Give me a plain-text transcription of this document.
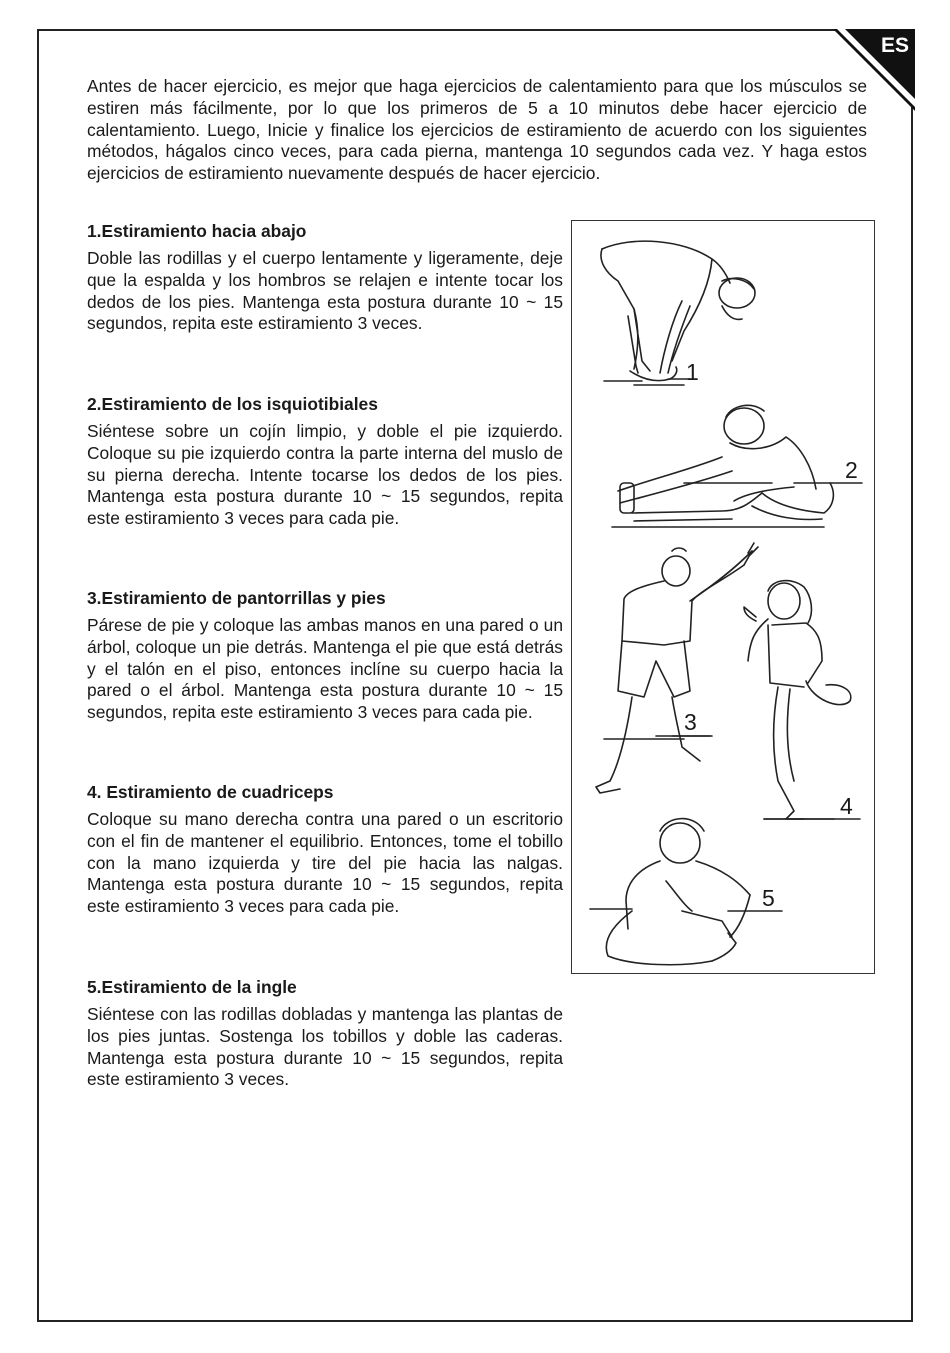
ES

Antes de hacer ejercicio, es mejor que haga ejercicios de calentamiento para que los músculos se estiren más fácilmente, por lo que los primeros de 5 a 10 minutos debe hacer ejercicio de calentamiento. Luego, Inicie y finalice los ejercicios de estiramiento de acuerdo con los siguientes métodos, hágalos cinco veces, para cada pierna, mantenga 10 segundos cada vez. Y haga estos ejercicios de estiramiento nuevamente después de hacer ejercicio.

1.Estiramiento hacia abajo

Doble las rodillas y el cuerpo lentamente y ligeramente, deje que la espalda y los hombros se relajen e intente tocar los dedos de los pies. Mantenga esta postura durante 10 ~ 15 segundos, repita este estiramiento 3 veces.

2.Estiramiento de los isquiotibiales

Siéntese sobre un cojín limpio, y doble el pie izquierdo. Coloque su pie izquierdo contra la parte interna del muslo de su pierna derecha. Intente tocarse los dedos de los pies. Mantenga esta postura durante 10 ~ 15 segundos, repita este estiramiento 3 veces para cada pie.

3.Estiramiento de pantorrillas y pies

Párese de pie y coloque las ambas manos en una pared o un árbol, coloque un pie detrás. Mantenga el pie que está detrás y el talón en el piso, entonces inclíne su cuerpo hacia la pared o el árbol. Mantenga esta postura durante 10 ~ 15 segundos, repita este estiramiento 3 veces para cada pie.

4. Estiramiento de cuadriceps

Coloque su mano derecha contra una pared o un escritorio con el fin de mantener el equilibrio. Entonces, tome el tobillo con la mano izquierda y tire del pie hacia las nalgas. Mantenga esta postura durante 10 ~ 15 segundos, repita este estiramiento 3 veces para cada pie.

5.Estiramiento de la ingle

Siéntese con las rodillas dobladas y mantenga las plantas de los pies juntas. Sostenga los tobillos y doble las caderas. Mantenga esta postura durante 10 ~ 15 segundos, repita este estiramiento 3 veces.

1
2
3
4
5
